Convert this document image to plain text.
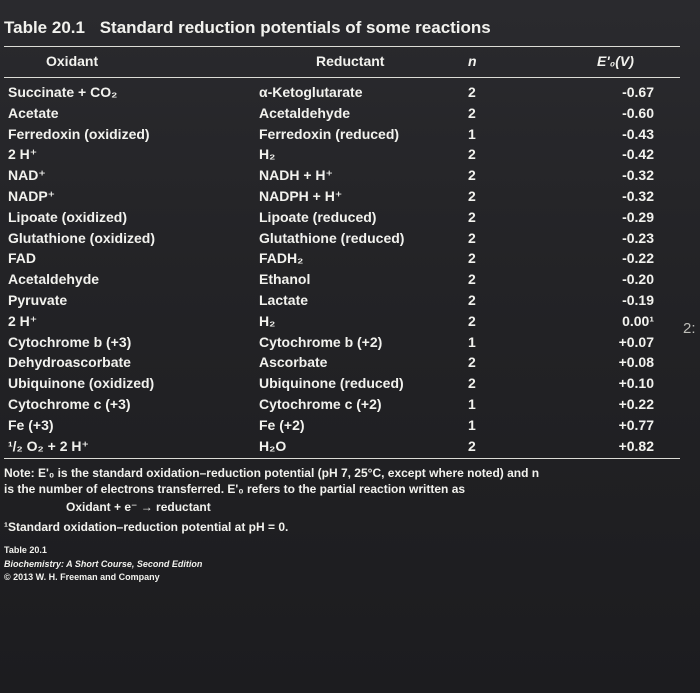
Table 20.1 Standard reduction potentials of some reactions
Oxidant	Reductant	n	E'₀(V)
Succinate + CO₂	α-Ketoglutarate	2	-0.67
Acetate	Acetaldehyde	2	-0.60
Ferredoxin (oxidized)	Ferredoxin (reduced)	1	-0.43
2 H⁺	H₂	2	-0.42
NAD⁺	NADH + H⁺	2	-0.32
NADP⁺	NADPH + H⁺	2	-0.32
Lipoate (oxidized)	Lipoate (reduced)	2	-0.29
Glutathione (oxidized)	Glutathione (reduced)	2	-0.23
FAD	FADH₂	2	-0.22
Acetaldehyde	Ethanol	2	-0.20
Pyruvate	Lactate	2	-0.19
2 H⁺	H₂	2	0.00¹
Cytochrome b (+3)	Cytochrome b (+2)	1	+0.07
Dehydroascorbate	Ascorbate	2	+0.08
Ubiquinone (oxidized)	Ubiquinone (reduced)	2	+0.10
Cytochrome c (+3)	Cytochrome c (+2)	1	+0.22
Fe (+3)	Fe (+2)	1	+0.77
¹/₂ O₂ + 2 H⁺	H₂O	2	+0.82
Note: E'₀ is the standard oxidation–reduction potential (pH 7, 25°C, except where noted) and n
is the number of electrons transferred. E'₀ refers to the partial reaction written as
Oxidant + e⁻ → reductant
¹Standard oxidation–reduction potential at pH = 0.
Table 20.1
Biochemistry: A Short Course, Second Edition
© 2013 W. H. Freeman and Company
2:
